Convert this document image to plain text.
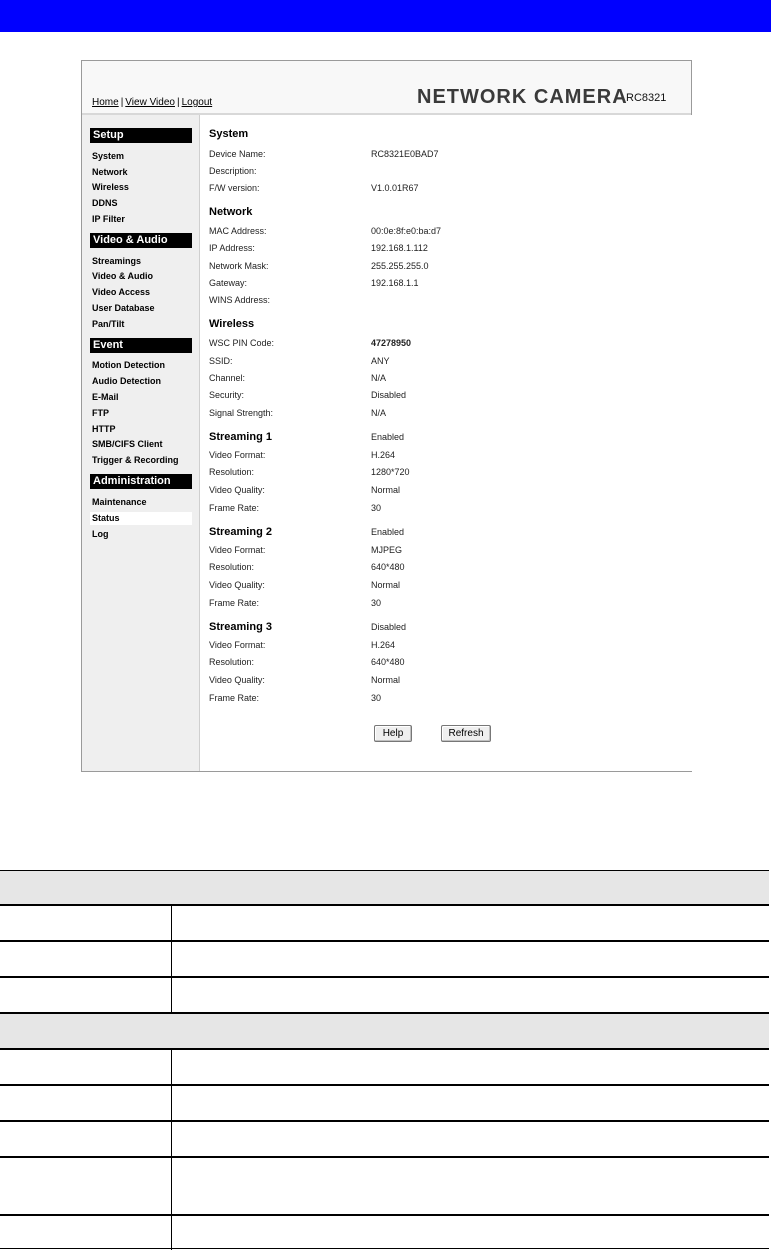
Home | View Video | Logout	NETWORK CAMERA
RC8321
Setup
System
Network
Wireless
DDNS
IP Filter
Video & Audio
Streamings
Video & Audio
Video Access
User Database
Pan/Tilt
Event
Motion Detection
Audio Detection
E-Mail
FTP
HTTP
SMB/CIFS Client
Trigger & Recording
Administration
Maintenance
Status
Log
System
Device Name:	RC8321E0BAD7
Description:
F/W version:	V1.0.01R67
Network
MAC Address:	00:0e:8f:e0:ba:d7
IP Address:	192.168.1.112
Network Mask:	255.255.255.0
Gateway:	192.168.1.1
WINS Address:
Wireless
WSC PIN Code:	47278950
SSID:	ANY
Channel:	N/A
Security:	Disabled
Signal Strength:	N/A
Streaming 1	Enabled
Video Format:	H.264
Resolution:	1280*720
Video Quality:	Normal
Frame Rate:	30
Streaming 2	Enabled
Video Format:	MJPEG
Resolution:	640*480
Video Quality:	Normal
Frame Rate:	30
Streaming 3	Disabled
Video Format:	H.264
Resolution:	640*480
Video Quality:	Normal
Frame Rate:	30
Help	Refresh
